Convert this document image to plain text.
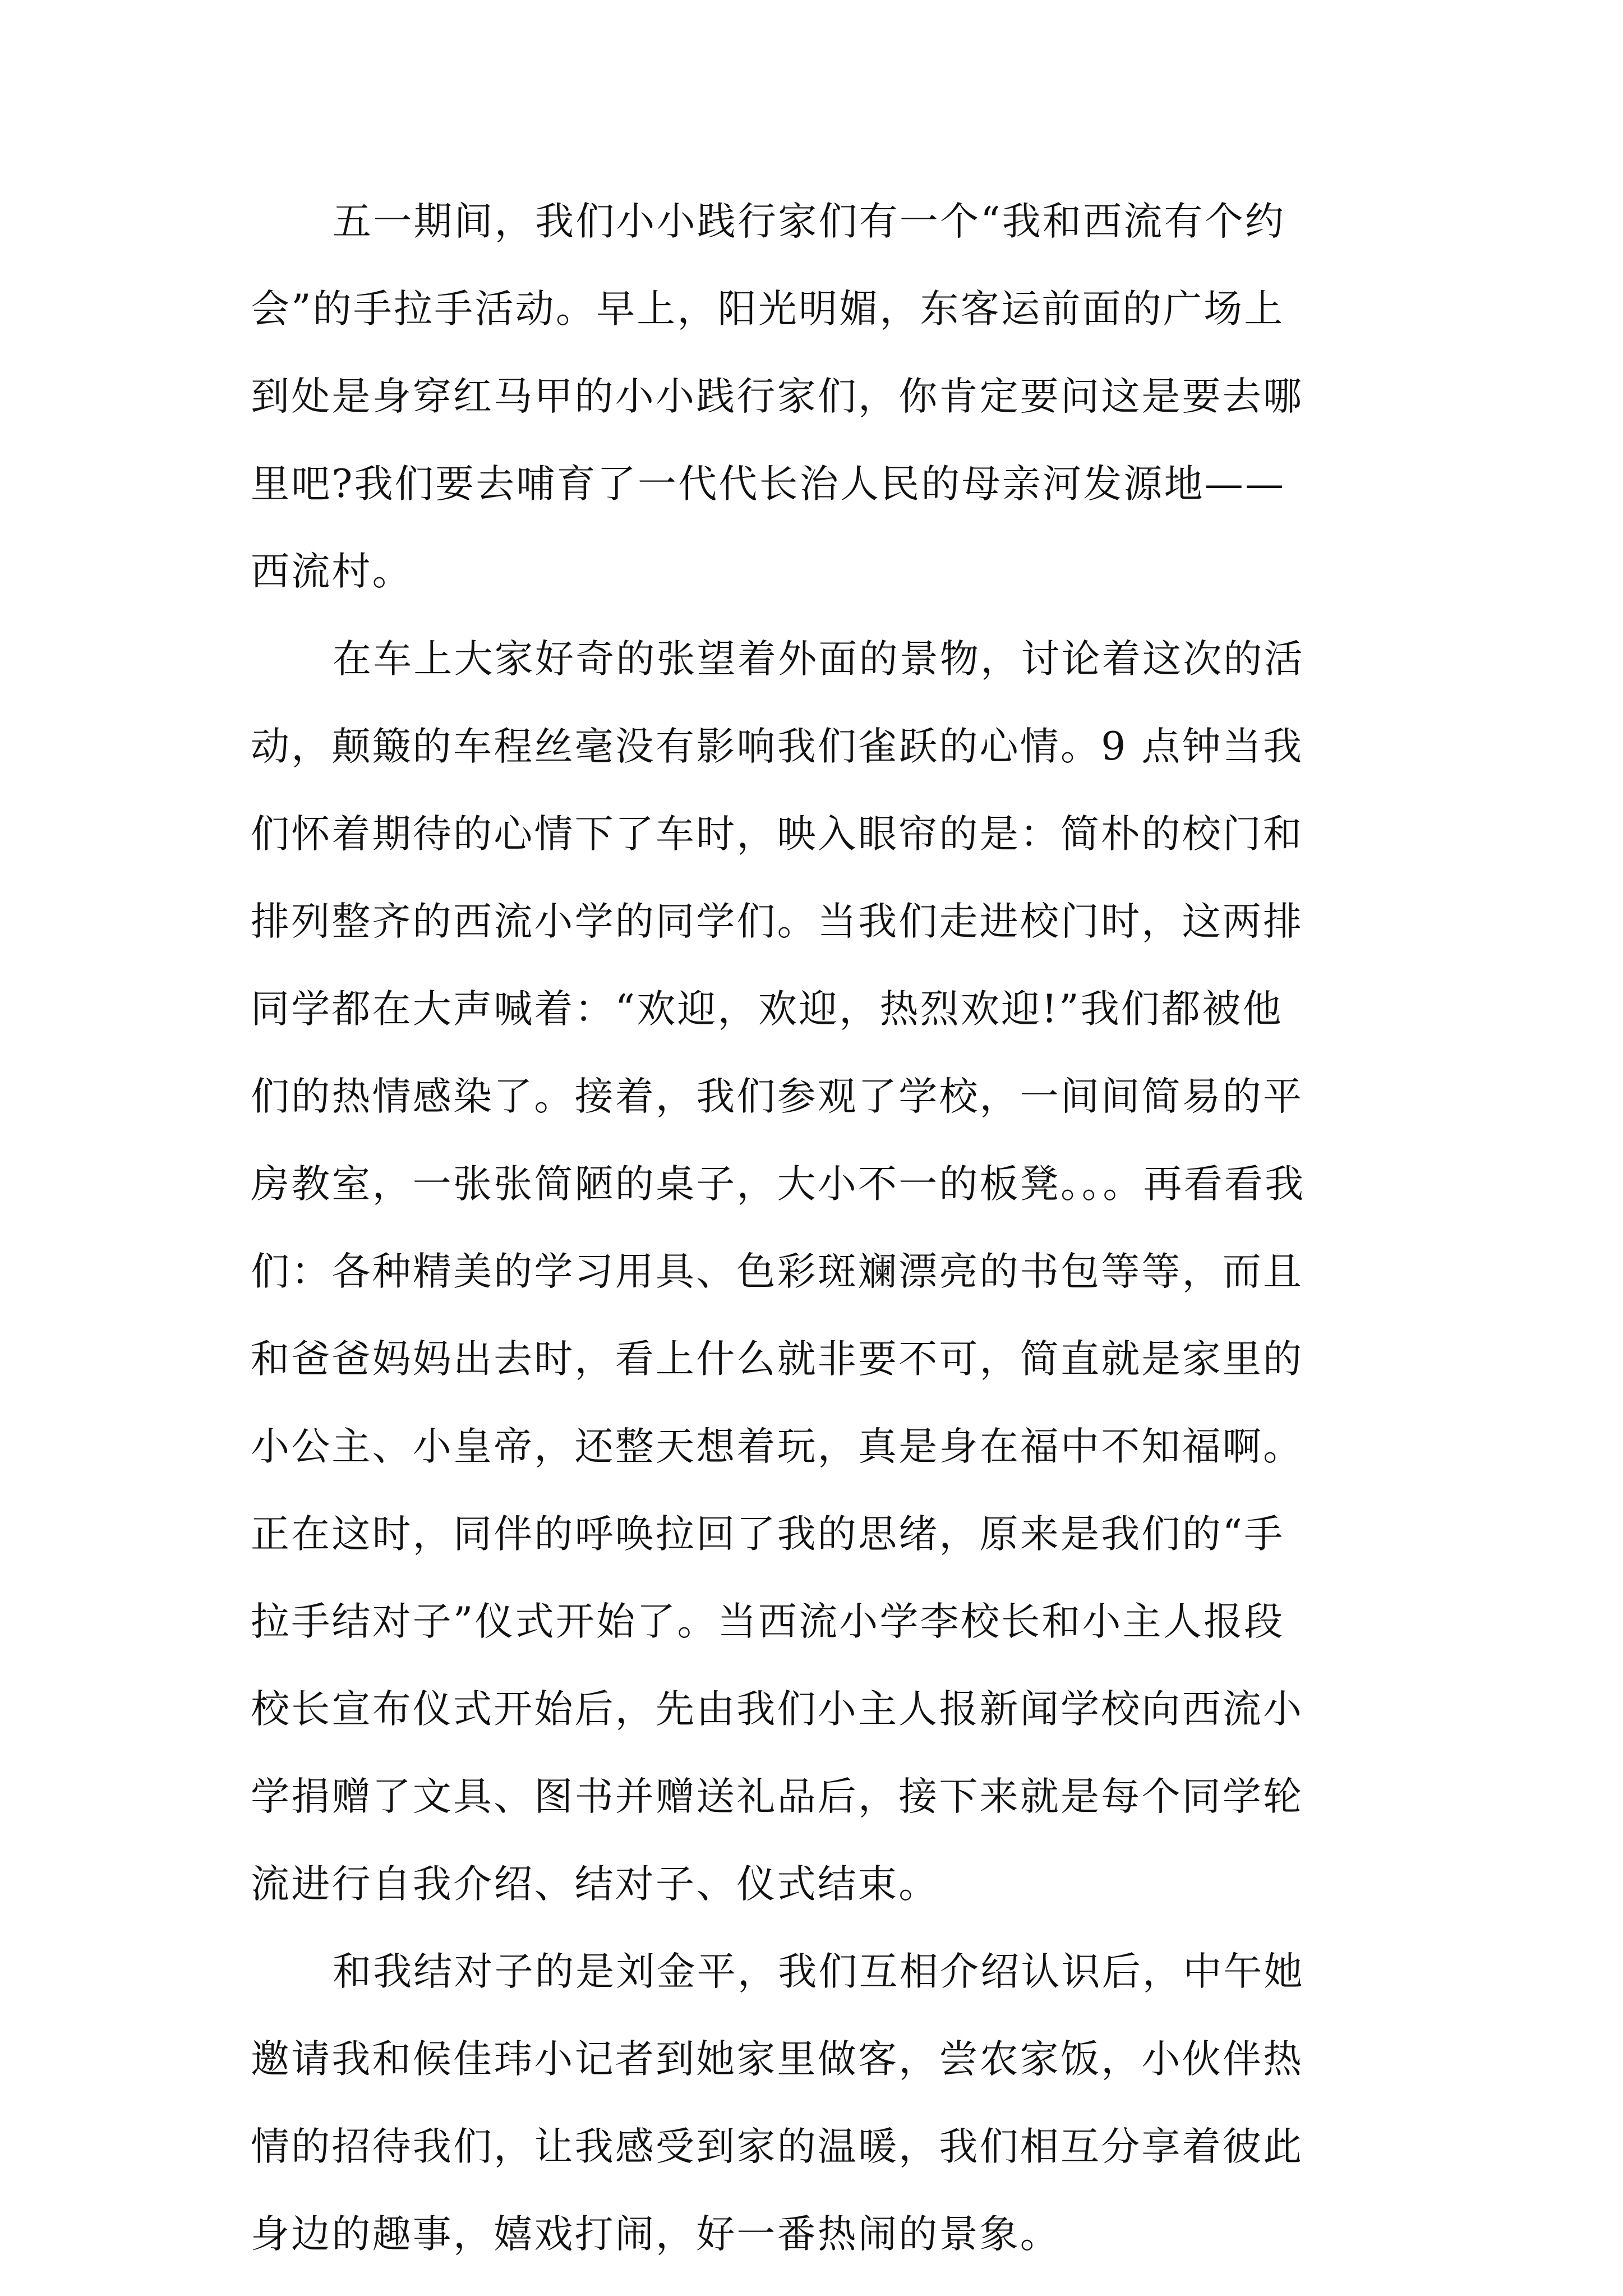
五一期间，我们小小践行家们有一个“我和西流有个约
会”的手拉手活动。早上，阳光明媚，东客运前面的广场上
到处是身穿红马甲的小小践行家们，你肯定要问这是要去哪
里吧?我们要去哺育了一代代长治人民的母亲河发源地——
西流村。
在车上大家好奇的张望着外面的景物，讨论着这次的活
动，颠簸的车程丝毫没有影响我们雀跃的心情。9 点钟当我
们怀着期待的心情下了车时，映入眼帘的是：简朴的校门和
排列整齐的西流小学的同学们。当我们走进校门时，这两排
同学都在大声喊着：“欢迎，欢迎，热烈欢迎!”我们都被他
们的热情感染了。接着，我们参观了学校，一间间简易的平
房教室，一张张简陋的桌子，大小不一的板凳。。。再看看我
们：各种精美的学习用具、色彩斑斓漂亮的书包等等，而且
和爸爸妈妈出去时，看上什么就非要不可，简直就是家里的
小公主、小皇帝，还整天想着玩，真是身在福中不知福啊。
正在这时，同伴的呼唤拉回了我的思绪，原来是我们的“手
拉手结对子”仪式开始了。当西流小学李校长和小主人报段
校长宣布仪式开始后，先由我们小主人报新闻学校向西流小
学捐赠了文具、图书并赠送礼品后，接下来就是每个同学轮
流进行自我介绍、结对子、仪式结束。
和我结对子的是刘金平，我们互相介绍认识后，中午她
邀请我和候佳玮小记者到她家里做客，尝农家饭，小伙伴热
情的招待我们，让我感受到家的温暖，我们相互分享着彼此
身边的趣事，嬉戏打闹，好一番热闹的景象。
